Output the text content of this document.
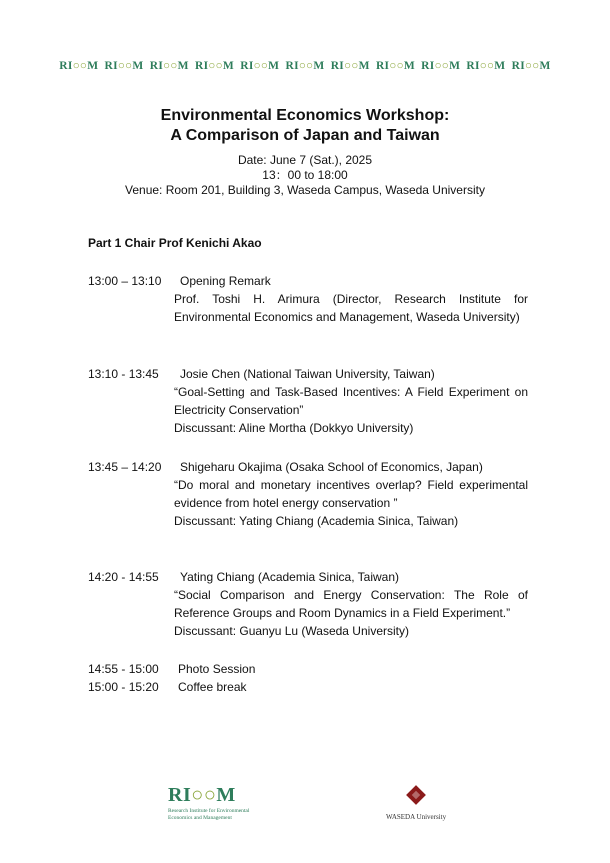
RI○○M RI○○M RI○○M RI○○M RI○○M RI○○M RI○○M RI○○M RI○○M RI○○M RI○○M
Environmental Economics Workshop:
A Comparison of Japan and Taiwan
Date: June 7 (Sat.), 2025
13：00 to 18:00
Venue: Room 201, Building 3, Waseda Campus, Waseda University
Part 1 Chair Prof Kenichi Akao
13:00 – 13:10 Opening Remark
Prof. Toshi H. Arimura (Director, Research Institute for Environmental Economics and Management, Waseda University)
13:10 - 13:45 Josie Chen (National Taiwan University, Taiwan)
“Goal-Setting and Task-Based Incentives: A Field Experiment on Electricity Conservation”
Discussant: Aline Mortha (Dokkyo University)
13:45 – 14:20 Shigeharu Okajima (Osaka School of Economics, Japan)
“Do moral and monetary incentives overlap? Field experimental evidence from hotel energy conservation ”
Discussant: Yating Chiang (Academia Sinica, Taiwan)
14:20 - 14:55 Yating Chiang (Academia Sinica, Taiwan)
“Social Comparison and Energy Conservation: The Role of Reference Groups and Room Dynamics in a Field Experiment.”
Discussant: Guanyu Lu (Waseda University)
14:55 - 15:00 Photo Session
15:00 - 15:20 Coffee break
RI○○M
Research Institute for Environmental
Economics and Management	WASEDA University
